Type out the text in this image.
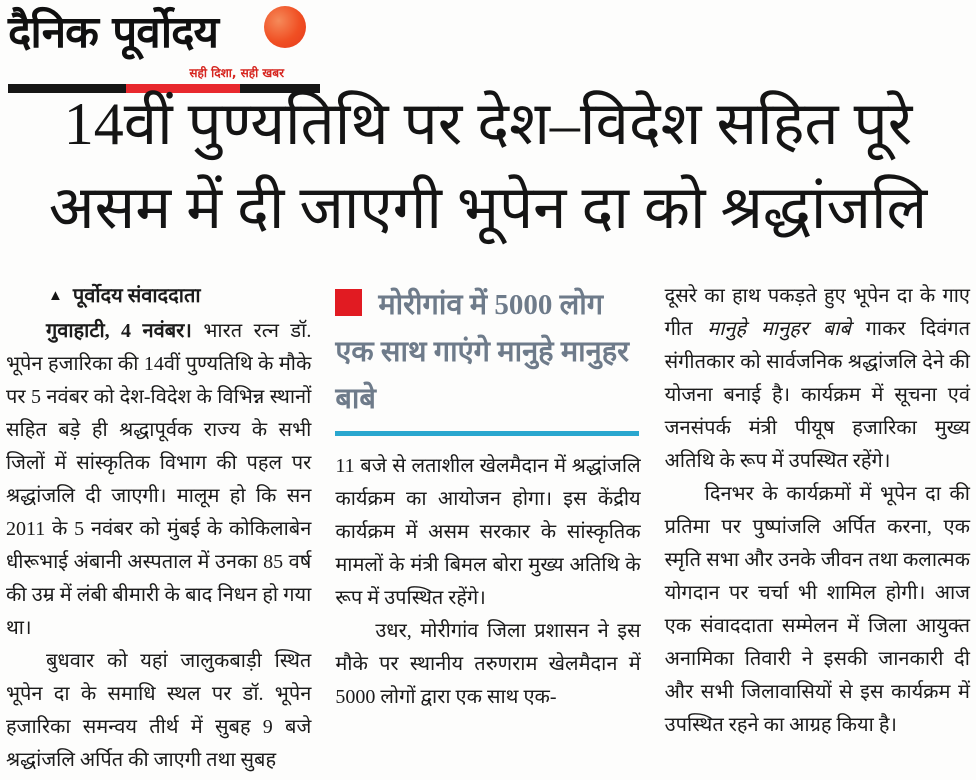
दैनिक पूर्वोदय
सही दिशा, सही खबर
14वीं पुण्यतिथि पर देश–विदेश सहित पूरे
असम में दी जाएगी भूपेन दा को श्रद्धांजलि

▲ पूर्वोदय संवाददाता

गुवाहाटी, 4 नवंबर। भारत रत्न डॉ. भूपेन हजारिका की 14वीं पुण्यतिथि के मौके पर 5 नवंबर को देश-विदेश के विभिन्न स्थानों सहित बड़े ही श्रद्धापूर्वक राज्य के सभी जिलों में सांस्कृतिक विभाग की पहल पर श्रद्धांजलि दी जाएगी। मालूम हो कि सन 2011 के 5 नवंबर को मुंबई के कोकिलाबेन धीरूभाई अंबानी अस्पताल में उनका 85 वर्ष की उम्र में लंबी बीमारी के बाद निधन हो गया था।

बुधवार को यहां जालुकबाड़ी स्थित भूपेन दा के समाधि स्थल पर डॉ. भूपेन हजारिका समन्वय तीर्थ में सुबह 9 बजे श्रद्धांजलि अर्पित की जाएगी तथा सुबह

मोरीगांव में 5000 लोग एक साथ गाएंगे मानुहे मानुहर बाबे

11 बजे से लताशील खेलमैदान में श्रद्धांजलि कार्यक्रम का आयोजन होगा। इस केंद्रीय कार्यक्रम में असम सरकार के सांस्कृतिक मामलों के मंत्री बिमल बोरा मुख्य अतिथि के रूप में उपस्थित रहेंगे।

उधर, मोरीगांव जिला प्रशासन ने इस मौके पर स्थानीय तरुणराम खेलमैदान में 5000 लोगों द्वारा एक साथ एक-

दूसरे का हाथ पकड़ते हुए भूपेन दा के गाए गीत मानुहे मानुहर बाबे गाकर दिवंगत संगीतकार को सार्वजनिक श्रद्धांजलि देने की योजना बनाई है। कार्यक्रम में सूचना एवं जनसंपर्क मंत्री पीयूष हजारिका मुख्य अतिथि के रूप में उपस्थित रहेंगे।

दिनभर के कार्यक्रमों में भूपेन दा की प्रतिमा पर पुष्पांजलि अर्पित करना, एक स्मृति सभा और उनके जीवन तथा कलात्मक योगदान पर चर्चा भी शामिल होगी। आज एक संवाददाता सम्मेलन में जिला आयुक्त अनामिका तिवारी ने इसकी जानकारी दी और सभी जिलावासियों से इस कार्यक्रम में उपस्थित रहने का आग्रह किया है।
